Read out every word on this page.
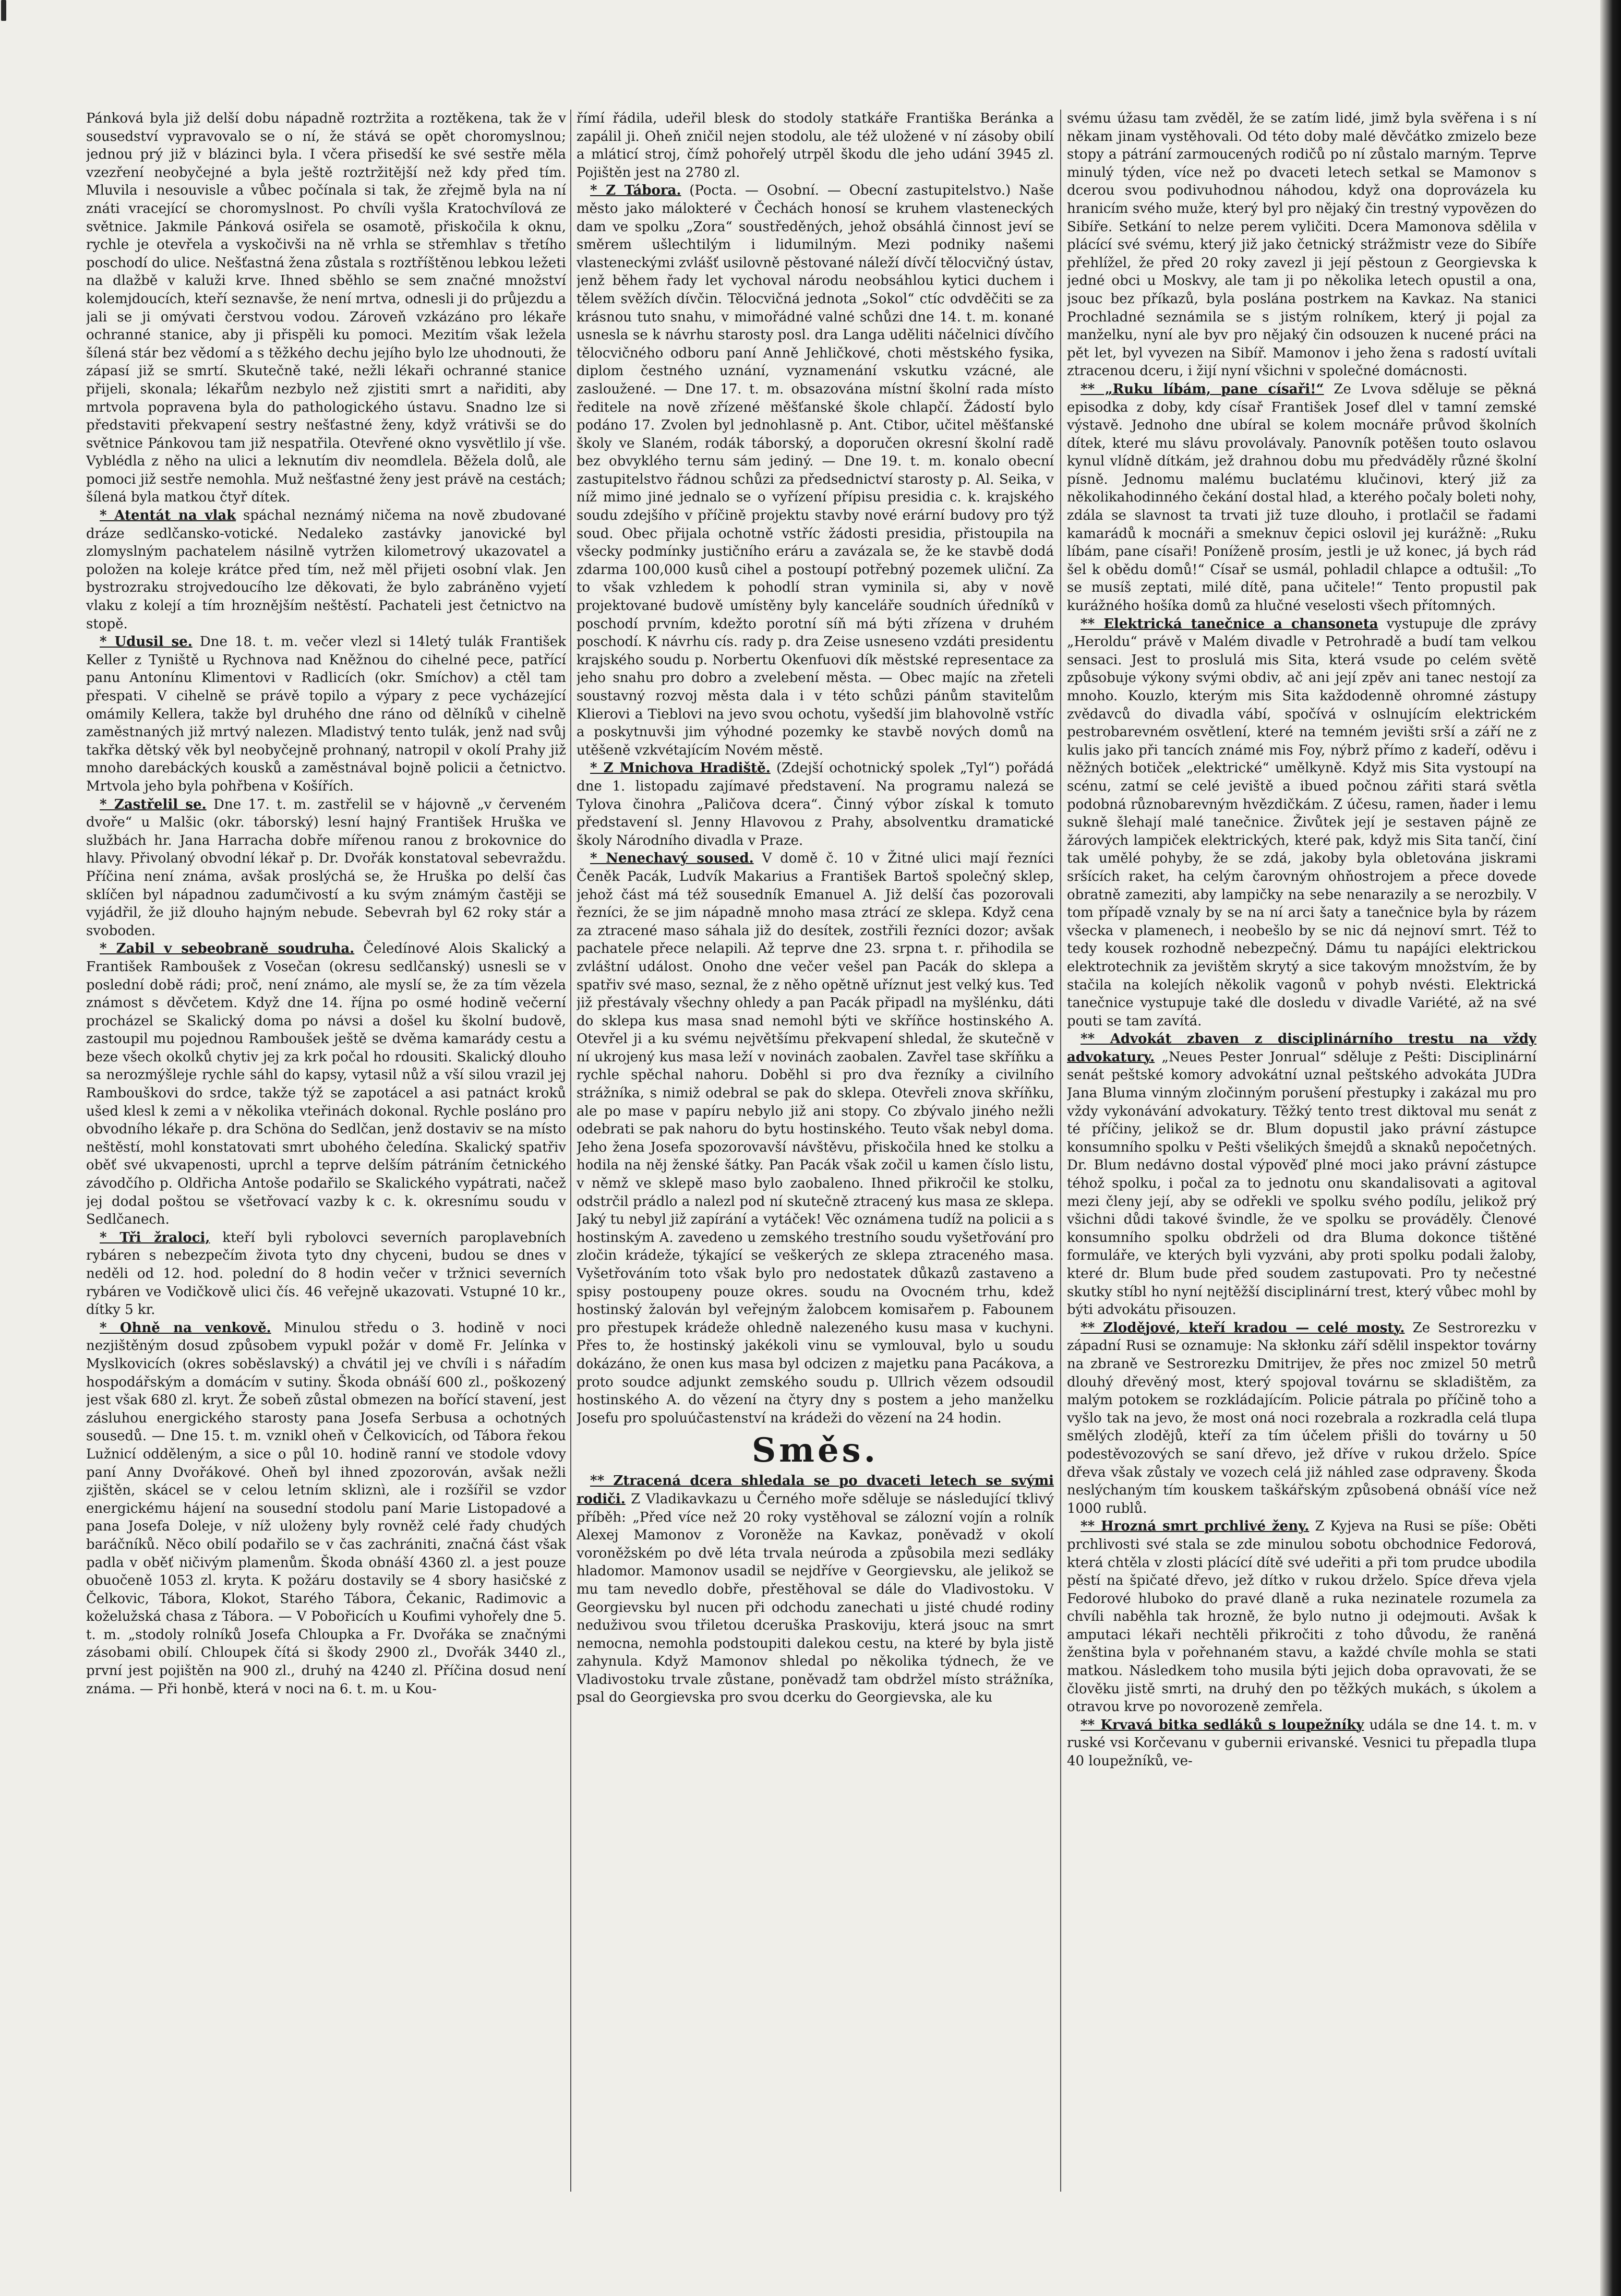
Pánková byla již delší dobu nápadně roztržita a roztěkena, tak že v sousedství vypravovalo se o ní, že stává se opět choromyslnou; jednou prý již v blázinci byla. I včera přisedší ke své sestře měla vzezření neobyčejné a byla ještě roztržitější než kdy před tím. Mluvila i nesouvisle a vůbec počínala si tak, že zřejmě byla na ní znáti vracející se choromyslnost. Po chvíli vyšla Kratochvílová ze světnice. Jakmile Pánková osiřela se osamotě, přiskočila k oknu, rychle je otevřela a vyskočivši na ně vrhla se střemhlav s třetího poschodí do ulice. Nešťastná žena zůstala s roztříštěnou lebkou ležeti na dlažbě v kaluži krve. Ihned sběhlo se sem značné množství kolemjdoucích, kteří seznavše, že není mrtva, odnesli ji do průjezdu a jali se ji omývati čerstvou vodou. Zároveň vzkázáno pro lékaře ochranné stanice, aby ji přispěli ku pomoci. Mezitím však ležela šílená stár bez vědomí a s těžkého dechu jejího bylo lze uhodnouti, že zápasí již se smrtí. Skutečně také, nežli lékaři ochranné stanice přijeli, skonala; lékařům nezbylo než zjistiti smrt a nařiditi, aby mrtvola popravena byla do pathologického ústavu. Snadno lze si představiti překvapení sestry nešťastné ženy, když vrátivši se do světnice Pánkovou tam již nespatřila. Otevřené okno vysvětlilo jí vše. Vyblédla z něho na ulici a leknutím div neomdlela. Běžela dolů, ale pomoci již sestře nemohla. Muž nešťastné ženy jest právě na cestách; šílená byla matkou čtyř dítek.

* Atentát na vlak spáchal neznámý ničema na nově zbudované dráze sedlčansko-votické. Nedaleko zastávky janovické byl zlomyslným pachatelem násilně vytržen kilometrový ukazovatel a položen na koleje krátce před tím, než měl přijeti osobní vlak. Jen bystrozraku strojvedoucího lze děkovati, že bylo zabráněno vyjetí vlaku z kolejí a tím hroznějším neštěstí. Pachateli jest četnictvo na stopě.

* Udusil se. Dne 18. t. m. večer vlezl si 14letý tulák František Keller z Tyniště u Rychnova nad Kněžnou do cihelné pece, patřící panu Antonínu Klimentovi v Radlicích (okr. Smíchov) a ctěl tam přespati. V cihelně se právě topilo a výpary z pece vycházející omámily Kellera, takže byl druhého dne ráno od dělníků v cihelně zaměstnaných již mrtvý nalezen. Mladistvý tento tulák, jenž nad svůj takřka dětský věk byl neobyčejně prohnaný, natropil v okolí Prahy již mnoho darebáckých kousků a zaměstnával bojně policii a četnictvo. Mrtvola jeho byla pohřbena v Košířích.

* Zastřelil se. Dne 17. t. m. zastřelil se v hájovně „v červeném dvoře“ u Malšic (okr. táborský) lesní hajný František Hruška ve službách hr. Jana Harracha dobře mířenou ranou z brokovnice do hlavy. Přivolaný obvodní lékař p. Dr. Dvořák konstatoval sebevraždu. Příčina není známa, avšak proslýchá se, že Hruška po delší čas sklíčen byl nápadnou zadumčivostí a ku svým známým častěji se vyjádřil, že již dlouho hajným nebude. Sebevrah byl 62 roky stár a svoboden.

* Zabil v sebeobraně soudruha. Čeledínové Alois Skalický a František Ramboušek z Vosečan (okresu sedlčanský) usnesli se v poslední době rádi; proč, není známo, ale myslí se, že za tím vězela známost s děvčetem. Když dne 14. října po osmé hodině večerní procházel se Skalický doma po návsi a došel ku školní budově, zastoupil mu pojednou Ramboušek ještě se dvěma kamarády cestu a beze všech okolků chytiv jej za krk počal ho rdousiti. Skalický dlouho sa nerozmýšleje rychle sáhl do kapsy, vytasil nůž a vší silou vrazil jej Rambouškovi do srdce, takže týž se zapotácel a asi patnáct kroků ušed klesl k zemi a v několika vteřinách dokonal. Rychle posláno pro obvodního lékaře p. dra Schöna do Sedlčan, jenž dostaviv se na místo neštěstí, mohl konstatovati smrt ubohého čeledína. Skalický spatřiv oběť své ukvapenosti, uprchl a teprve delším pátráním četnického závodčího p. Oldřicha Antoše podařilo se Skalického vypátrati, načež jej dodal poštou se všetřovací vazby k c. k. okresnímu soudu v Sedlčanech.

* Tři žraloci, kteří byli rybolovci severních paroplavebních rybáren s nebezpečím života tyto dny chyceni, budou se dnes v neděli od 12. hod. polední do 8 hodin večer v tržnici severních rybáren ve Vodičkově ulici čís. 46 veřejně ukazovati. Vstupné 10 kr., dítky 5 kr.

* Ohně na venkově. Minulou středu o 3. hodině v noci nezjištěným dosud způsobem vypukl požár v domě Fr. Jelínka v Myslkovicích (okres soběslavský) a chvátil jej ve chvíli i s nářadím hospodářským a domácím v sutiny. Škoda obnáší 600 zl., poškozený jest však 680 zl. kryt. Že sobeň zůstal obmezen na bořící stavení, jest zásluhou energického starosty pana Josefa Serbusa a ochotných sousedů. — Dne 15. t. m. vznikl oheň v Čelkovicích, od Tábora řekou Lužnicí odděleným, a sice o půl 10. hodině ranní ve stodole vdovy paní Anny Dvořákové. Oheň byl ihned zpozorován, avšak nežli zjištěn, skácel se v celou letním skliznì, ale i rozšířil se vzdor energickému hájení na sousední stodolu paní Marie Listopadové a pana Josefa Doleje, v níž uloženy byly rovněž celé řady chudých baráčníků. Něco obilí podařilo se v čas zachrániti, značná část však padla v oběť ničivým plamenům. Škoda obnáší 4360 zl. a jest pouze obuočeně 1053 zl. kryta. K požáru dostavily se 4 sbory hasičské z Čelkovic, Tábora, Klokot, Starého Tábora, Čekanic, Radimovic a koželužská chasa z Tábora. — V Pobořicích u Koufimi vyhořely dne 5. t. m. „stodoly rolníků Josefa Chloupka a Fr. Dvořáka se značnými zásobami obilí. Chloupek čítá si škody 2900 zl., Dvořák 3440 zl., první jest pojištěn na 900 zl., druhý na 4240 zl. Příčina dosud není známa. — Při honbě, která v noci na 6. t. m. u Kou-

římí řádila, udeřil blesk do stodoly statkáře Františka Beránka a zapálil ji. Oheň zničil nejen stodolu, ale též uložené v ní zásoby obilí a mláticí stroj, čímž pohořelý utrpěl škodu dle jeho udání 3945 zl. Pojištěn jest na 2780 zl.

* Z Tábora. (Pocta. — Osobní. — Obecní zastupitelstvo.) Naše město jako málokteré v Čechách honosí se kruhem vlasteneckých dam ve spolku „Zora“ soustředěných, jehož obsáhlá činnost jeví se směrem ušlechtilým i lidumilným. Mezi podniky našemi vlasteneckými zvlášť usilovně pěstované náleží dívčí tělocvičný ústav, jenž během řady let vychoval národu neobsáhlou kytici duchem i tělem svěžích dívčin. Tělocvičná jednota „Sokol“ ctíc odvděčiti se za krásnou tuto snahu, v mimořádné valné schůzi dne 14. t. m. konané usnesla se k návrhu starosty posl. dra Langa uděliti náčelnici dívčího tělocvičného odboru paní Anně Jehličkové, choti městského fysika, diplom čestného uznání, vyznamenání vskutku vzácné, ale zasloužené. — Dne 17. t. m. obsazována místní školní rada místo ředitele na nově zřízené měšťanské škole chlapčí. Žádostí bylo podáno 17. Zvolen byl jednohlasně p. Ant. Ctibor, učitel měšťanské školy ve Slaném, rodák táborský, a doporučen okresní školní radě bez obvyklého ternu sám jediný. — Dne 19. t. m. konalo obecní zastupitelstvo řádnou schůzi za předsednictví starosty p. Al. Seika, v níž mimo jiné jednalo se o vyřízení přípisu presidia c. k. krajského soudu zdejšího v příčině projektu stavby nové erární budovy pro týž soud. Obec přijala ochotně vstříc žádosti presidia, přistoupila na všecky podmínky justičního eráru a zavázala se, že ke stavbě dodá zdarma 100,000 kusů cihel a postoupí potřebný pozemek uliční. Za to však vzhledem k pohodlí stran vyminila si, aby v nově projektované budově umístěny byly kanceláře soudních úředníků v poschodí prvním, kdežto porotní síň má býti zřízena v druhém poschodí. K návrhu cís. rady p. dra Zeise usneseno vzdáti presidentu krajského soudu p. Norbertu Okenfuovi dík městské representace za jeho snahu pro dobro a zvelebení města. — Obec majíc na zřeteli soustavný rozvoj města dala i v této schůzi pánům stavitelům Klierovi a Tieblovi na jevo svou ochotu, vyšedší jim blahovolně vstříc a poskytnuvši jim výhodné pozemky ke stavbě nových domů na utěšeně vzkvétajícím Novém městě.

* Z Mnichova Hradiště. (Zdejší ochotnický spolek „Tyl“) pořádá dne 1. listopadu zajímavé představení. Na programu nalezá se Tylova činohra „Paličova dcera“. Činný výbor získal k tomuto představení sl. Jenny Hlavovou z Prahy, absolventku dramatické školy Národního divadla v Praze.

* Nenechavý soused. V domě č. 10 v Žitné ulici mají řezníci Čeněk Pacák, Ludvík Makarius a František Bartoš společný sklep, jehož část má též sousedník Emanuel A. Již delší čas pozorovali řezníci, že se jim nápadně mnoho masa ztrácí ze sklepa. Když cena za ztracené maso sáhala již do desítek, zostřili řezníci dozor; avšak pachatele přece nelapili. Až teprve dne 23. srpna t. r. přihodila se zvláštní událost. Onoho dne večer vešel pan Pacák do sklepa a spatřiv své maso, seznal, že z něho opětně uříznut jest velký kus. Teď již přestávaly všechny ohledy a pan Pacák připadl na myšlénku, dáti do sklepa kus masa snad nemohl býti ve skříňce hostinského A. Otevřel ji a ku svému největšímu překvapení shledal, že skutečně v ní ukrojený kus masa leží v novinách zaobalen. Zavřel tase skříňku a rychle spěchal nahoru. Doběhl si pro dva řezníky a civilního strážníka, s nimiž odebral se pak do sklepa. Otevřeli znova skříňku, ale po mase v papíru nebylo již ani stopy. Co zbývalo jiného nežli odebrati se pak nahoru do bytu hostinského. Teuto však nebyl doma. Jeho žena Josefa spozorovavší návštěvu, přiskočila hned ke stolku a hodila na něj ženské šátky. Pan Pacák však zočil u kamen číslo listu, v němž ve sklepě maso bylo zaobaleno. Ihned přikročil ke stolku, odstrčil prádlo a nalezl pod ní skutečně ztracený kus masa ze sklepa. Jaký tu nebyl již zapírání a vytáček! Věc oznámena tudíž na policii a s hostinským A. zavedeno u zemského trestního soudu vyšetřování pro zločin krádeže, týkající se veškerých ze sklepa ztraceného masa. Vyšetřováním toto však bylo pro nedostatek důkazů zastaveno a spisy postoupeny pouze okres. soudu na Ovocném trhu, kdež hostinský žalován byl veřejným žalobcem komisařem p. Fabounem pro přestupek krádeže ohledně nalezeného kusu masa v kuchyni. Přes to, že hostinský jakékoli vinu se vymlouval, bylo u soudu dokázáno, že onen kus masa byl odcizen z majetku pana Pacákova, a proto soudce adjunkt zemského soudu p. Ullrich vězem odsoudil hostinského A. do vězení na čtyry dny s postem a jeho manželku Josefu pro spoluúčastenství na krádeži do vězení na 24 hodin.

Směs.

** Ztracená dcera shledala se po dvaceti letech se svými rodiči. Z Vladikavkazu u Černého moře sděluje se následující tklivý příběh: „Před více než 20 roky vystěhoval se zálozní vojín a rolník Alexej Mamonov z Voroněže na Kavkaz, poněvadž v okolí voroněžském po dvě léta trvala neúroda a způsobila mezi sedláky hladomor. Mamonov usadil se nejdříve v Georgievsku, ale jelikož se mu tam nevedlo dobře, přestěhoval se dále do Vladivostoku. V Georgievsku byl nucen při odchodu zanechati u jisté chudé rodiny neduživou svou třiletou dceruška Praskoviju, která jsouc na smrt nemocna, nemohla podstoupiti dalekou cestu, na které by byla jistě zahynula. Když Mamonov shledal po několika týdnech, že ve Vladivostoku trvale zůstane, poněvadž tam obdržel místo strážníka, psal do Georgievska pro svou dcerku do Georgievska, ale ku

svému úžasu tam zvěděl, že se zatím lidé, jimž byla svěřena i s ní někam jinam vystěhovali. Od této doby malé děvčátko zmizelo beze stopy a pátrání zarmoucených rodičů po ní zůstalo marným. Teprve minulý týden, více než po dvaceti letech setkal se Mamonov s dcerou svou podivuhodnou náhodou, když ona doprovázela ku hranicím svého muže, který byl pro nějaký čin trestný vypovězen do Sibíře. Setkání to nelze perem vyličiti. Dcera Mamonova sdělila v plácící své svému, který již jako četnický strážmistr veze do Sibíře přehlížel, že před 20 roky zavezl ji její pěstoun z Georgievska k jedné obci u Moskvy, ale tam ji po několika letech opustil a ona, jsouc bez příkazů, byla poslána postrkem na Kavkaz. Na stanici Prochladné seznámila se s jistým rolníkem, který ji pojal za manželku, nyní ale byv pro nějaký čin odsouzen k nucené práci na pět let, byl vyvezen na Sibíř. Mamonov i jeho žena s radostí uvítali ztracenou dceru, i žijí nyní všichni v společné domácnosti.

** „Ruku líbám, pane císaři!“ Ze Lvova sděluje se pěkná episodka z doby, kdy císař František Josef dlel v tamní zemské výstavě. Jednoho dne ubíral se kolem mocnáře průvod školních dítek, které mu slávu provolávaly. Panovník potěšen touto oslavou kynul vlídně dítkám, jež drahnou dobu mu předváděly různé školní písně. Jednomu malému buclatému klučinovi, který již za několikahodinného čekání dostal hlad, a kterého počaly boleti nohy, zdála se slavnost ta trvati již tuze dlouho, i protlačil se řadami kamarádů k mocnáři a smeknuv čepici oslovil jej kurážně: „Ruku líbám, pane císaři! Poníženě prosím, jestli je už konec, já bych rád šel k obědu domů!“ Císař se usmál, pohladil chlapce a odtušil: „To se musíš zeptati, milé dítě, pana učitele!“ Tento propustil pak kurážného hošíka domů za hlučné veselosti všech přítomných.

** Elektrická tanečnice a chansoneta vystupuje dle zprávy „Heroldu“ právě v Malém divadle v Petrohradě a budí tam velkou sensaci. Jest to proslulá mis Sita, která vsude po celém světě způsobuje výkony svými obdiv, ač ani její zpěv ani tanec nestojí za mnoho. Kouzlo, kterým mis Sita každodenně ohromné zástupy zvědavců do divadla vábí, spočívá v oslnujícím elektrickém pestrobarevném osvětlení, které na temném jevišti srší a září ne z kulis jako při tancích známé mis Foy, nýbrž přímo z kadeří, oděvu i něžných botiček „elektrické“ umělkyně. Když mis Sita vystoupí na scénu, zatmí se celé jeviště a ibued počnou zářiti stará světla podobná různobarevným hvězdičkám. Z účesu, ramen, ňader i lemu sukně šlehají malé tanečnice. Živůtek její je sestaven pájně ze žárových lampiček elektrických, které pak, když mis Sita tančí, činí tak umělé pohyby, že se zdá, jakoby byla obletována jiskrami sršících raket, ha celým čarovným ohňostrojem a přece dovede obratně zameziti, aby lampičky na sebe nenarazily a se nerozbily. V tom případě vznaly by se na ní arci šaty a tanečnice byla by rázem všecka v plamenech, i neobešlo by se nic dá nejnoví smrt. Též to tedy kousek rozhodně nebezpečný. Dámu tu napájíci elektrickou elektrotechnik za jevištěm skrytý a sice takovým množstvím, že by stačila na kolejích několik vagonů v pohyb nvésti. Elektrická tanečnice vystupuje také dle dosledu v divadle Variété, až na své pouti se tam zavítá.

** Advokát zbaven z disciplinárního trestu na vždy advokatury. „Neues Pester Jonrual“ sděluje z Pešti: Disciplinární senát peštské komory advokátní uznal peštského advokáta JUDra Jana Bluma vinným zločinným porušení přestupky i zakázal mu pro vždy vykonávání advokatury. Těžký tento trest diktoval mu senát z té příčiny, jelikož se dr. Blum dopustil jako právní zástupce konsumního spolku v Pešti všelikých šmejdů a sknaků nepočetných. Dr. Blum nedávno dostal výpověď plné moci jako právní zástupce téhož spolku, i počal za to jednotu onu skandalisovati a agitoval mezi členy její, aby se odřekli ve spolku svého podílu, jelikož prý všichni důdi takové švindle, že ve spolku se prováděly. Členové konsumního spolku obdrželi od dra Bluma dokonce tištěné formuláře, ve kterých byli vyzváni, aby proti spolku podali žaloby, které dr. Blum bude před soudem zastupovati. Pro ty nečestné skutky stíbl ho nyní nejtěžší disciplinární trest, který vůbec mohl by býti advokátu přisouzen.

** Zlodějové, kteří kradou — celé mosty. Ze Sestrorezku v západní Rusi se oznamuje: Na skłonku září sdělil inspektor továrny na zbraně ve Sestrorezku Dmitrijev, že přes noc zmizel 50 metrů dlouhý dřevěný most, který spojoval továrnu se skladištěm, za malým potokem se rozkládajícím. Policie pátrala po příčině toho a vyšlo tak na jevo, že most oná noci rozebrala a rozkradla celá tlupa smělých zlodějů, kteří za tím účelem přišli do továrny u 50 podestěvozových se saní dřevo, jež dříve v rukou drželo. Spíce dřeva však zůstaly ve vozech celá již náhled zase odpraveny. Škoda neslýchaným tím kouskem taškářským způsobená obnáší více než 1000 rublů.

** Hrozná smrt prchlivé ženy. Z Kyjeva na Rusi se píše: Oběti prchlivosti své stala se zde minulou sobotu obchodnice Fedorová, která chtěla v zlosti plácící dítě své udeřiti a při tom prudce ubodila pěstí na špičaté dřevo, jež dítko v rukou drželo. Spíce dřeva vjela Fedorové hluboko do pravé dlaně a ruka nezinatele rozumela za chvíli naběhla tak hrozně, že bylo nutno ji odejmouti. Avšak k amputaci lékaři nechtěli přikročiti z toho důvodu, že raněná ženština byla v pořehnaném stavu, a každé chvíle mohla se stati matkou. Následkem toho musila býti jejich doba opravovati, že se člověku jistě smrti, na druhý den po těžkých mukách, s úkolem a otravou krve po novorozeně zemřela.

** Krvavá bitka sedláků s loupežníky udála se dne 14. t. m. v ruské vsi Korčevanu v gubernii erivanské. Vesnici tu přepadla tlupa 40 loupežníků, ve-
